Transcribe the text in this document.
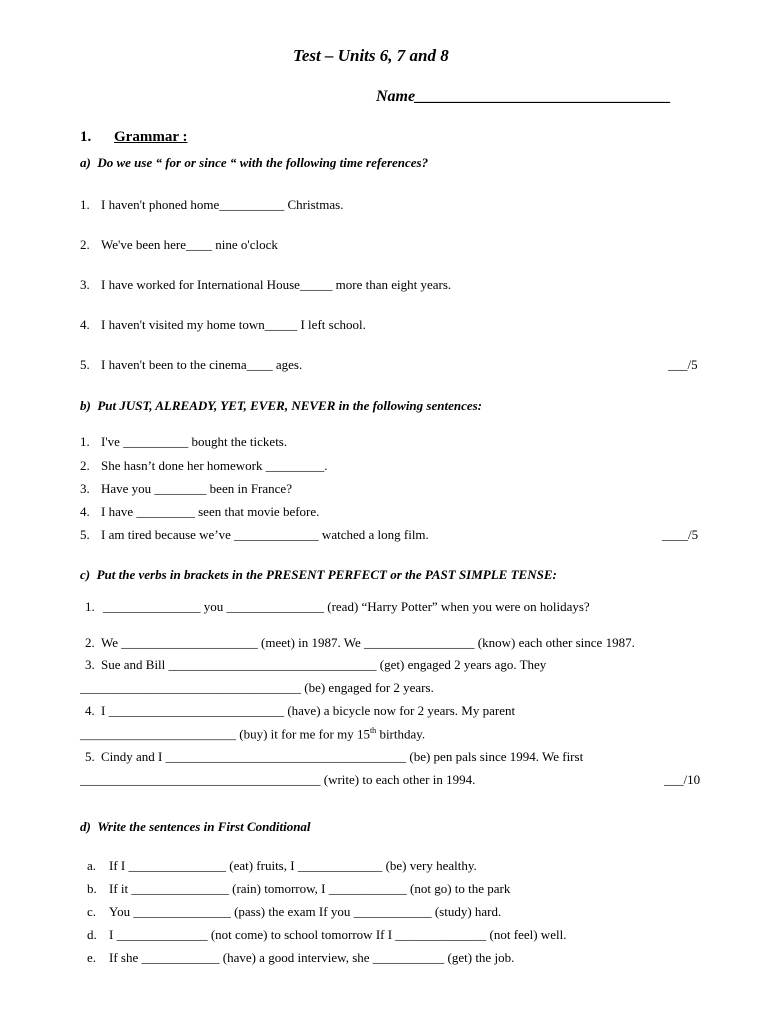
Test – Units 6, 7 and 8
Name________________________________
1. Grammar :
a)  Do we use “ for or since “ with the following time references?
1. I haven't phoned home__________ Christmas.
2. We've been here____ nine o'clock
3. I have worked for International House_____ more than eight years.
4. I haven't visited my home town_____ I left school.
5. I haven't been to the cinema____ ages.	___/5
b)  Put JUST, ALREADY, YET, EVER, NEVER in the following sentences:
1. I've __________ bought the tickets.
2. She hasn’t done her homework _________.
3. Have you ________ been in France?
4. I have _________ seen that movie before.
5. I am tired because we’ve _____________ watched a long film.	____/5
c)  Put the verbs in brackets in the PRESENT PERFECT or the PAST SIMPLE TENSE:
1. _______________ you _______________ (read) “Harry Potter” when you were on holidays?
2. We _____________________ (meet) in 1987. We _________________ (know) each other since 1987.
3. Sue and Bill ________________________________ (get) engaged 2 years ago. They
__________________________________ (be) engaged for 2 years.
4. I ___________________________ (have) a bicycle now for 2 years. My parent
________________________ (buy) it for me for my 15th birthday.
5. Cindy and I _____________________________________ (be) pen pals since 1994. We first
_____________________________________ (write) to each other in 1994.	___/10
d)  Write the sentences in First Conditional
a. If I _______________ (eat) fruits, I _____________ (be) very healthy.
b. If it _______________ (rain) tomorrow, I ____________ (not go) to the park
c. You _______________ (pass) the exam If you ____________ (study) hard.
d. I ______________ (not come) to school tomorrow If I ______________ (not feel) well.
e. If she ____________ (have) a good interview, she ___________ (get) the job.
